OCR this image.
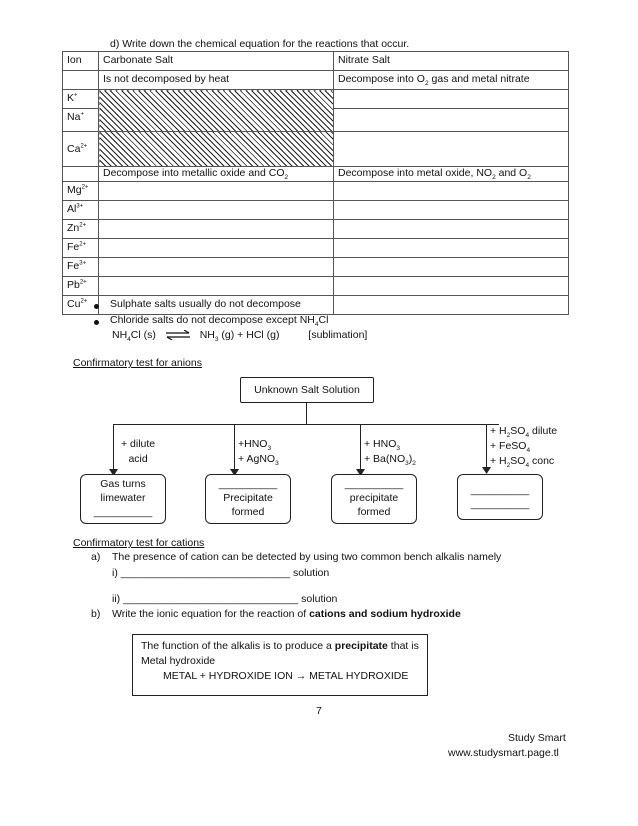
d) Write down the chemical equation for the reactions that occur.
Ion	Carbonate Salt	Nitrate Salt
	Is not decomposed by heat	Decompose into $O_2$ gas and metal nitrate
K+		
Na+	
$Ca^{2+}$		
	Decompose into metallic oxide and $CO_2$	Decompose into metal oxide, $NO_2$ and $O_2$
$Mg^{2+}$		
$Al^{3+}$		
$Zn^{2+}$		
$Fe^{2+}$		
$Fe^{3+}$		
$Pb^{2+}$		
$Cu^{2+}$		Sulphate salts usually do not decompose
Chloride salts do not decompose except $NH_4Cl$
$NH_4Cl$ (s) ⇌ $NH_3$ (g) + HCl (g)	[sublimation]
Confirmatory test for anions
Unknown Salt Solution
+ dilute
acid
$+HNO_3$
+ AgNO$_3$
+ $HNO_3$
+ $Ba(NO_3)_2$
+ $H_2SO_4$ dilute
+ FeSO$_4$
+ $H_2SO_4$ conc
Gas turns
limewater
__________
__________
Precipitate
formed
__________
precipitate
formed
__________
__________
Confirmatory test for cations
a) The presence of cation can be detected by using two common bench alkalis namely
i) _____________________________ solution
ii) ______________________________ solution
b) Write the ionic equation for the reaction of cations and sodium hydroxide
The function of the alkalis is to produce a precipitate that is
Metal hydroxide
METAL + HYDROXIDE ION → METAL HYDROXIDE
7
Study Smart
www.studysmart.page.tl
